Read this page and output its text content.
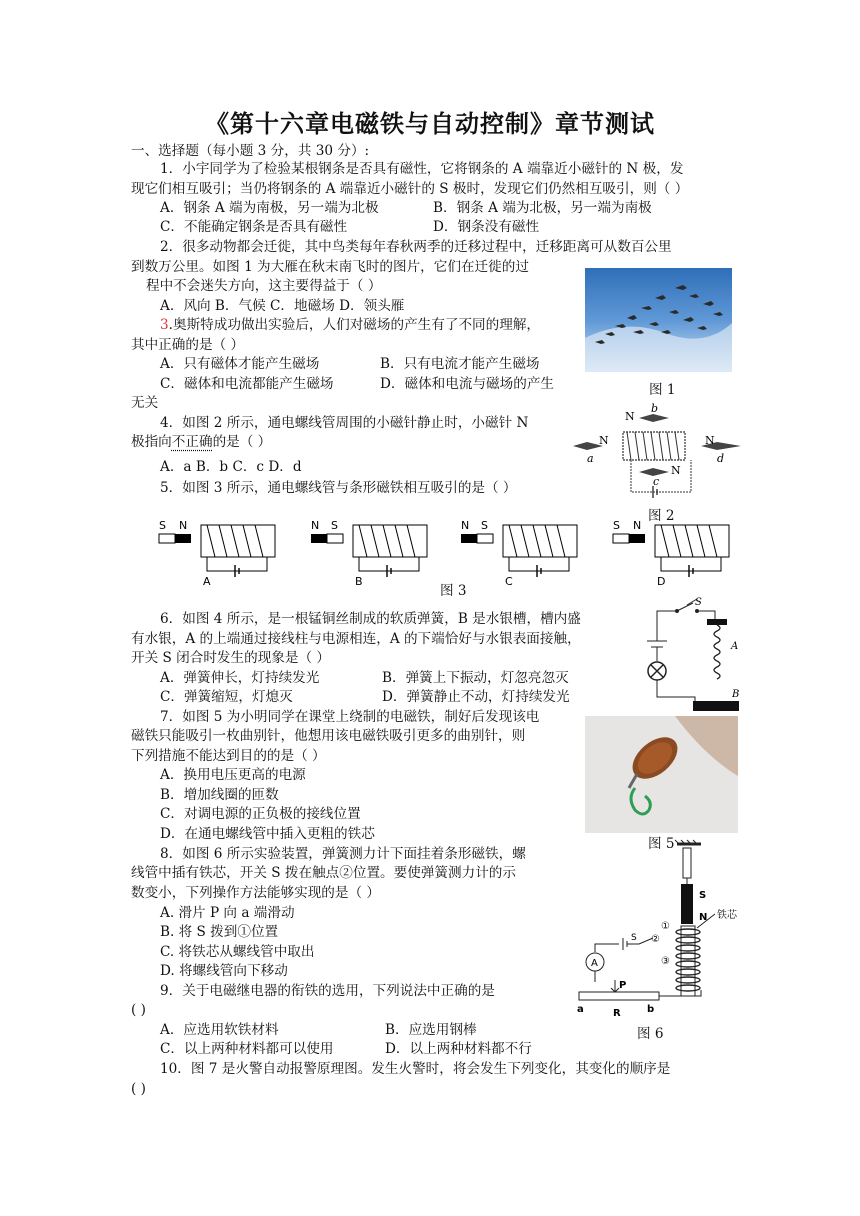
《第十六章电磁铁与自动控制》章节测试
一、选择题（每小题 3 分，共 30 分）:
1．小宇同学为了检验某根钢条是否具有磁性，它将钢条的 A 端靠近小磁针的 N 极，发
现它们相互吸引；当仍将钢条的 A 端靠近小磁针的 S 极时，发现它们仍然相互吸引，则（ ）
A．钢条 A 端为南极，另一端为北极	B．钢条 A 端为北极，另一端为南极
C．不能确定钢条是否具有磁性	D．钢条没有磁性
2．很多动物都会迁徙，其中鸟类每年春秋两季的迁移过程中，迁移距离可从数百公里
到数万公里。如图 1 为大雁在秋末南飞时的图片，它们在迁徙的过
程中不会迷失方向，这主要得益于（ ）
A．风向 B．气候 C．地磁场 D．领头雁
图 1
3.奥斯特成功做出实验后，人们对磁场的产生有了不同的理解，
其中正确的是（ ）
A．只有磁体才能产生磁场	B．只有电流才能产生磁场
C．磁体和电流都能产生磁场	D．磁体和电流与磁场的产生
无关
4．如图 2 所示，通电螺线管周围的小磁针静止时，小磁针 N
极指向不正确的是（ ）
A．a B．b C．c D．d
b
N
a
N
d
N
c
N
图 2
5．如图 3 所示，通电螺线管与条形磁铁相互吸引的是（ ）
S N
A
N S
B
N S
C
S N
D
图 3
6．如图 4 所示，是一根锰铜丝制成的软质弹簧，B 是水银槽，槽内盛
有水银，A 的上端通过接线柱与电源相连，A 的下端恰好与水银表面接触，
开关 S 闭合时发生的现象是（ ）
A．弹簧伸长，灯持续发光	B．弹簧上下振动，灯忽亮忽灭
C．弹簧缩短，灯熄灭	D．弹簧静止不动，灯持续发光
S
A
B
7．如图 5 为小明同学在课堂上绕制的电磁铁，制好后发现该电
磁铁只能吸引一枚曲别针，他想用该电磁铁吸引更多的曲别针，则
下列措施不能达到目的的是（ ）
A．换用电压更高的电源
B．增加线圈的匝数
C．对调电源的正负极的接线位置
D．在通电螺线管中插入更粗的铁芯
图 5
8．如图 6 所示实验装置，弹簧测力计下面挂着条形磁铁，螺
线管中插有铁芯，开关 S 拨在触点②位置。要使弹簧测力计的示
数变小，下列操作方法能够实现的是（ ）
A. 滑片 P 向 a 端滑动
B. 将 S 拨到①位置
C. 将铁芯从螺线管中取出
D. 将螺线管向下移动
S
N 铁芯
①
②
③
S
A
P
a	R	b
图 6
9．关于电磁继电器的衔铁的选用，下列说法中正确的是
( )
A．应选用软铁材料	B．应选用钢棒
C．以上两种材料都可以使用	D．以上两种材料都不行
10．图 7 是火警自动报警原理图。发生火警时，将会发生下列变化，其变化的顺序是
( )
